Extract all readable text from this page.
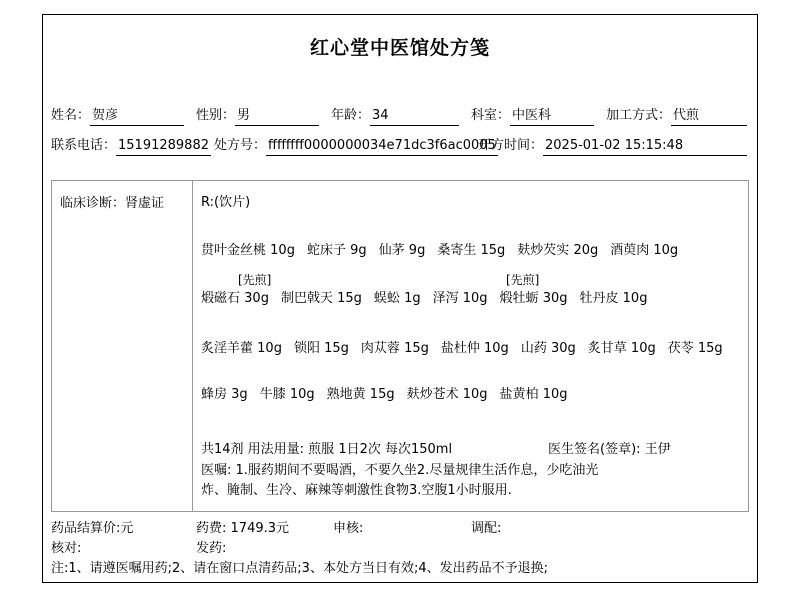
红心堂中医馆处方笺
姓名： 贺彦	性别： 男	年龄： 34	科室： 中医科	加工方式： 代煎
联系电话： 15191289882 处方号： ffffffff0000000034e71dc3f6ac0005
开方时间： 2025-01-02 15:15:48
临床诊断：肾虚证	R:(饮片)
贯叶金丝桃 10g 蛇床子 9g 仙茅 9g 桑寄生 15g 麸炒芡实 20g 酒萸肉 10g
[先煎]	[先煎]
煅磁石 30g 制巴戟天 15g 蜈蚣 1g 泽泻 10g 煅牡蛎 30g 牡丹皮 10g
炙淫羊藿 10g 锁阳 15g 肉苁蓉 15g 盐杜仲 10g 山药 30g 炙甘草 10g 茯苓 15g
蜂房 3g 牛膝 10g 熟地黄 15g 麸炒苍术 10g 盐黄柏 10g
共14剂 用法用量: 煎服 1日2次 每次150ml	医生签名(签章): 王伊
医嘱: 1.服药期间不要喝酒，不要久坐2.尽量规律生活作息，少吃油光
炸、腌制、生冷、麻辣等刺激性食物3.空腹1小时服用.
药品结算价:元	药费: 1749.3元	申核:	调配:
核对:	发药:
注:1、请遵医嘱用药;2、请在窗口点清药品;3、本处方当日有效;4、发出药品不予退换;
